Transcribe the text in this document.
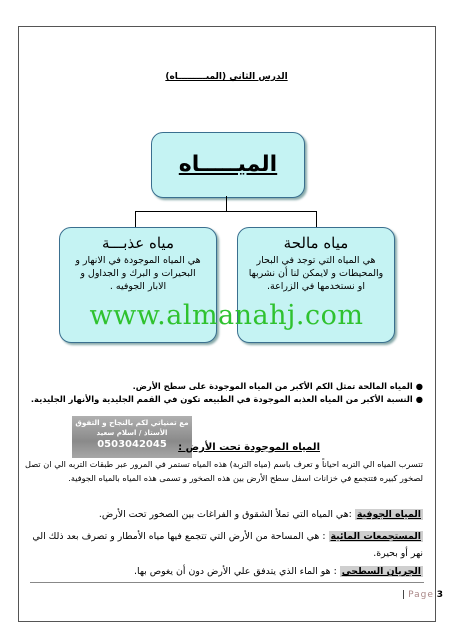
الدرس الثاني (الميـــــــــاه)
الميـــــاه
مياه مالحة
هي المياه التي توجد في البحار والمحيطات و لايمكن لنا أن نشربها او نستخدمها في الزراعة.
مياه عذبـــة
هي المياه الموجودة في الانهار و البحيرات و البرك و الجداول و الابار الجوفيه .
www.almanahj.com
●المياه المالحة تمثل الكم الأكبر من المياه الموجودة على سطح الأرض.
●النسبة الأكبر من المياه العذبه الموجودة في الطبيعه تكون في القمم الجليدية والأنهار الجليدية.
مع تمنياتي لكم بالنجاح و التفوق
الأستاذ / اسلام سعيد
0503042045	المياه الموجودة تحت الأرض :
تتسرب المياه الي التربه احياناً و تعرف باسم (مياه التربة) هذه المياه تستمر في المرور عبر طبقات التربه الي ان تصل لصخور كبيره فتتجمع في خزانات اسفل سطح الأرض بين هذه الصخور و تسمى هذه المياه بالمياه الجوفية.
المياه الجوفية :هي المياه التي تملأ الشقوق و الفراغات بين الصخور تحت الأرض.
المستجمعات المائية : هي المساحة من الأرض التي تتجمع فيها مياه الأمطار و تصرف بعد ذلك الي نهر أو بحيرة.
الجريان السطحي : هو الماء الذي يتدفق علي الأرض دون أن يغوص بها.
| Page 3
